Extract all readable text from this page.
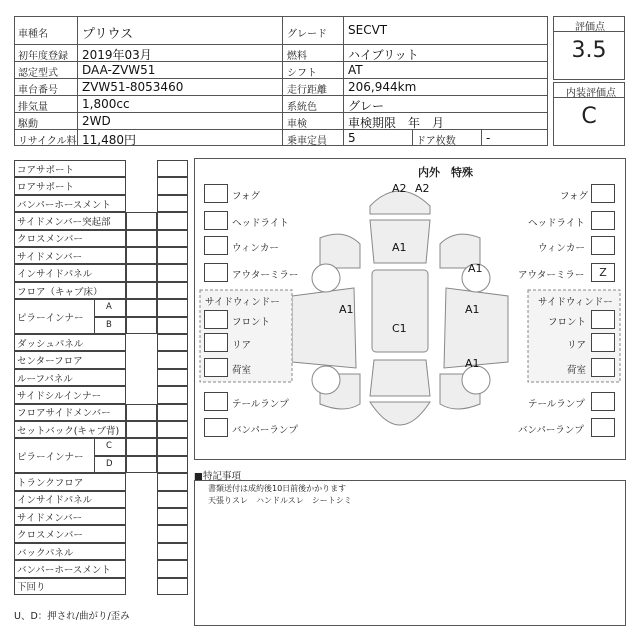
車種名	プリウス	グレード SECVT
初年度登録 2019年03月	燃料	ハイブリット
認定型式 DAA-ZVW51	シフト	AT
車台番号 ZVW51-8053460	走行距離 206,944km
排気量	1,800cc	系統色	グレー
駆動	2WD	車検	車検期限　年　月
リサイクル料 11,480円	乗車定員 5	ドア枚数	-
評価点
3.5
内装評価点
C
コアサポート
ロアサポート
バンパーホースメント
サイドメンバー突起部
クロスメンバー
サイドメンバー
インサイドパネル
フロア（キャブ床）
ピラーインナー
A
B
ダッシュパネル
センターフロア
ルーフパネル
サイドシルインナー
フロアサイドメンバー
セットバック(キャブ背)
ピラーインナー
C
D
トランクフロア
インサイドパネル
サイドメンバー
クロスメンバー
バックパネル
バンパーホースメント
下回り
U、D：押され/曲がり/歪み
内外　特殊
A2 A2
A1
A1
C1
A1
A1
A1
フォグ
ヘッドライト
ウィンカー
アウターミラー
サイドウィンドー
フロント
リア
荷室
テールランプ
バンパーランプ
フォグ
ヘッドライト
ウィンカー
アウターミラー	Z
サイドウィンドー
フロント
リア
荷室
テールランプ
バンパーランプ
■特記事項
書類送付は成約後10日前後かかります
天張りスレ　ハンドルスレ　シートシミ
